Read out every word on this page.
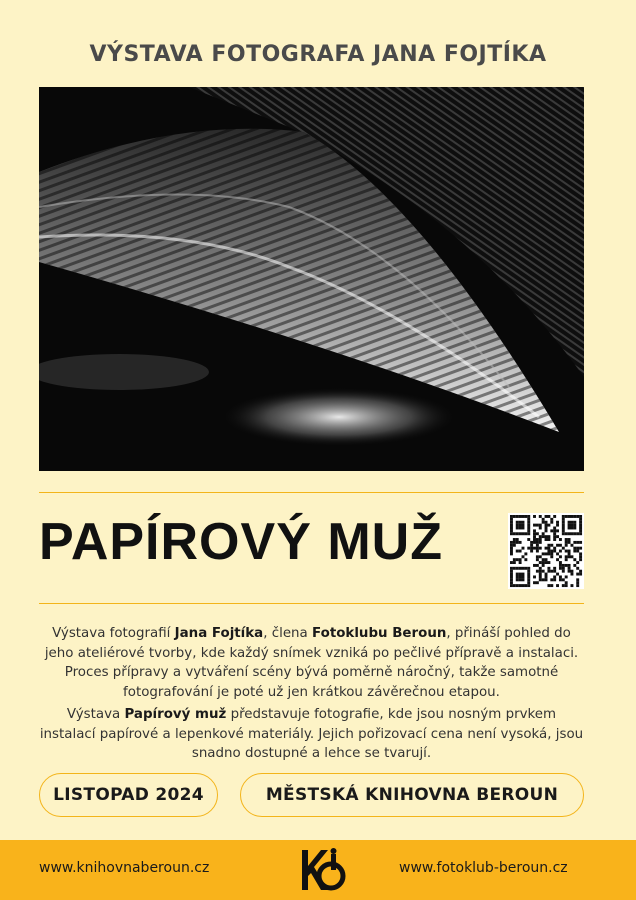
VÝSTAVA FOTOGRAFA JANA FOJTÍKA
PAPÍROVÝ MUŽ
Výstava fotografií Jana Fojtíka, člena Fotoklubu Beroun, přináší pohled do jeho ateliérové tvorby, kde každý snímek vzniká po pečlivé přípravě a instalaci. Proces přípravy a vytváření scény bývá poměrně náročný, takže samotné fotografování je poté už jen krátkou závěrečnou etapou.
Výstava Papírový muž představuje fotografie, kde jsou nosným prvkem instalací papírové a lepenkové materiály. Jejich pořizovací cena není vysoká, jsou snadno dostupné a lehce se tvarují.
LISTOPAD 2024	MĚSTSKÁ KNIHOVNA BEROUN
www.knihovnaberoun.cz	www.fotoklub-beroun.cz
